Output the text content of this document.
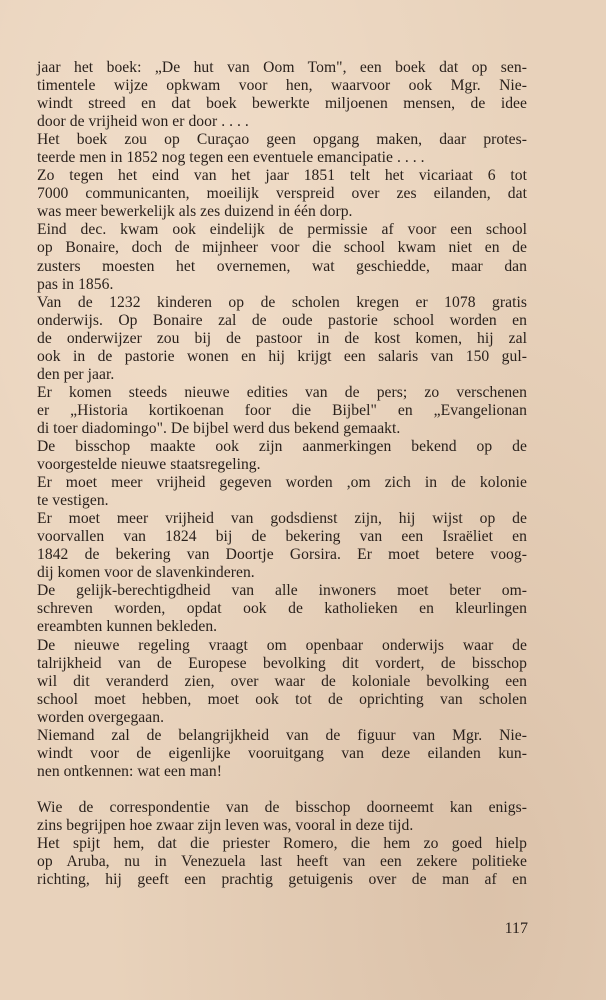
jaar het boek: „De hut van Oom Tom", een boek dat op sen-
timentele wijze opkwam voor hen, waarvoor ook Mgr. Nie-
windt streed en dat boek bewerkte miljoenen mensen, de idee
door de vrijheid won er door . . . .
Het boek zou op Curaçao geen opgang maken, daar protes-
teerde men in 1852 nog tegen een eventuele emancipatie . . . .
Zo tegen het eind van het jaar 1851 telt het vicariaat 6 tot
7000 communicanten, moeilijk verspreid over zes eilanden, dat
was meer bewerkelijk als zes duizend in één dorp.
Eind dec. kwam ook eindelijk de permissie af voor een school
op Bonaire, doch de mijnheer voor die school kwam niet en de
zusters moesten het overnemen, wat geschiedde, maar dan
pas in 1856.
Van de 1232 kinderen op de scholen kregen er 1078 gratis
onderwijs. Op Bonaire zal de oude pastorie school worden en
de onderwijzer zou bij de pastoor in de kost komen, hij zal
ook in de pastorie wonen en hij krijgt een salaris van 150 gul-
den per jaar.
Er komen steeds nieuwe edities van de pers; zo verschenen
er „Historia kortikoenan foor die Bijbel" en „Evangelionan
di toer diadomingo". De bijbel werd dus bekend gemaakt.
De bisschop maakte ook zijn aanmerkingen bekend op de
voorgestelde nieuwe staatsregeling.
Er moet meer vrijheid gegeven worden ,om zich in de kolonie
te vestigen.
Er moet meer vrijheid van godsdienst zijn, hij wijst op de
voorvallen van 1824 bij de bekering van een Israëliet en
1842 de bekering van Doortje Gorsira. Er moet betere voog-
dij komen voor de slavenkinderen.
De gelijk-berechtigdheid van alle inwoners moet beter om-
schreven worden, opdat ook de katholieken en kleurlingen
ereambten kunnen bekleden.
De nieuwe regeling vraagt om openbaar onderwijs waar de
talrijkheid van de Europese bevolking dit vordert, de bisschop
wil dit veranderd zien, over waar de koloniale bevolking een
school moet hebben, moet ook tot de oprichting van scholen
worden overgegaan.
Niemand zal de belangrijkheid van de figuur van Mgr. Nie-
windt voor de eigenlijke vooruitgang van deze eilanden kun-
nen ontkennen: wat een man!
Wie de correspondentie van de bisschop doorneemt kan enigs-
zins begrijpen hoe zwaar zijn leven was, vooral in deze tijd.
Het spijt hem, dat die priester Romero, die hem zo goed hielp
op Aruba, nu in Venezuela last heeft van een zekere politieke
richting, hij geeft een prachtig getuigenis over de man af en
117
